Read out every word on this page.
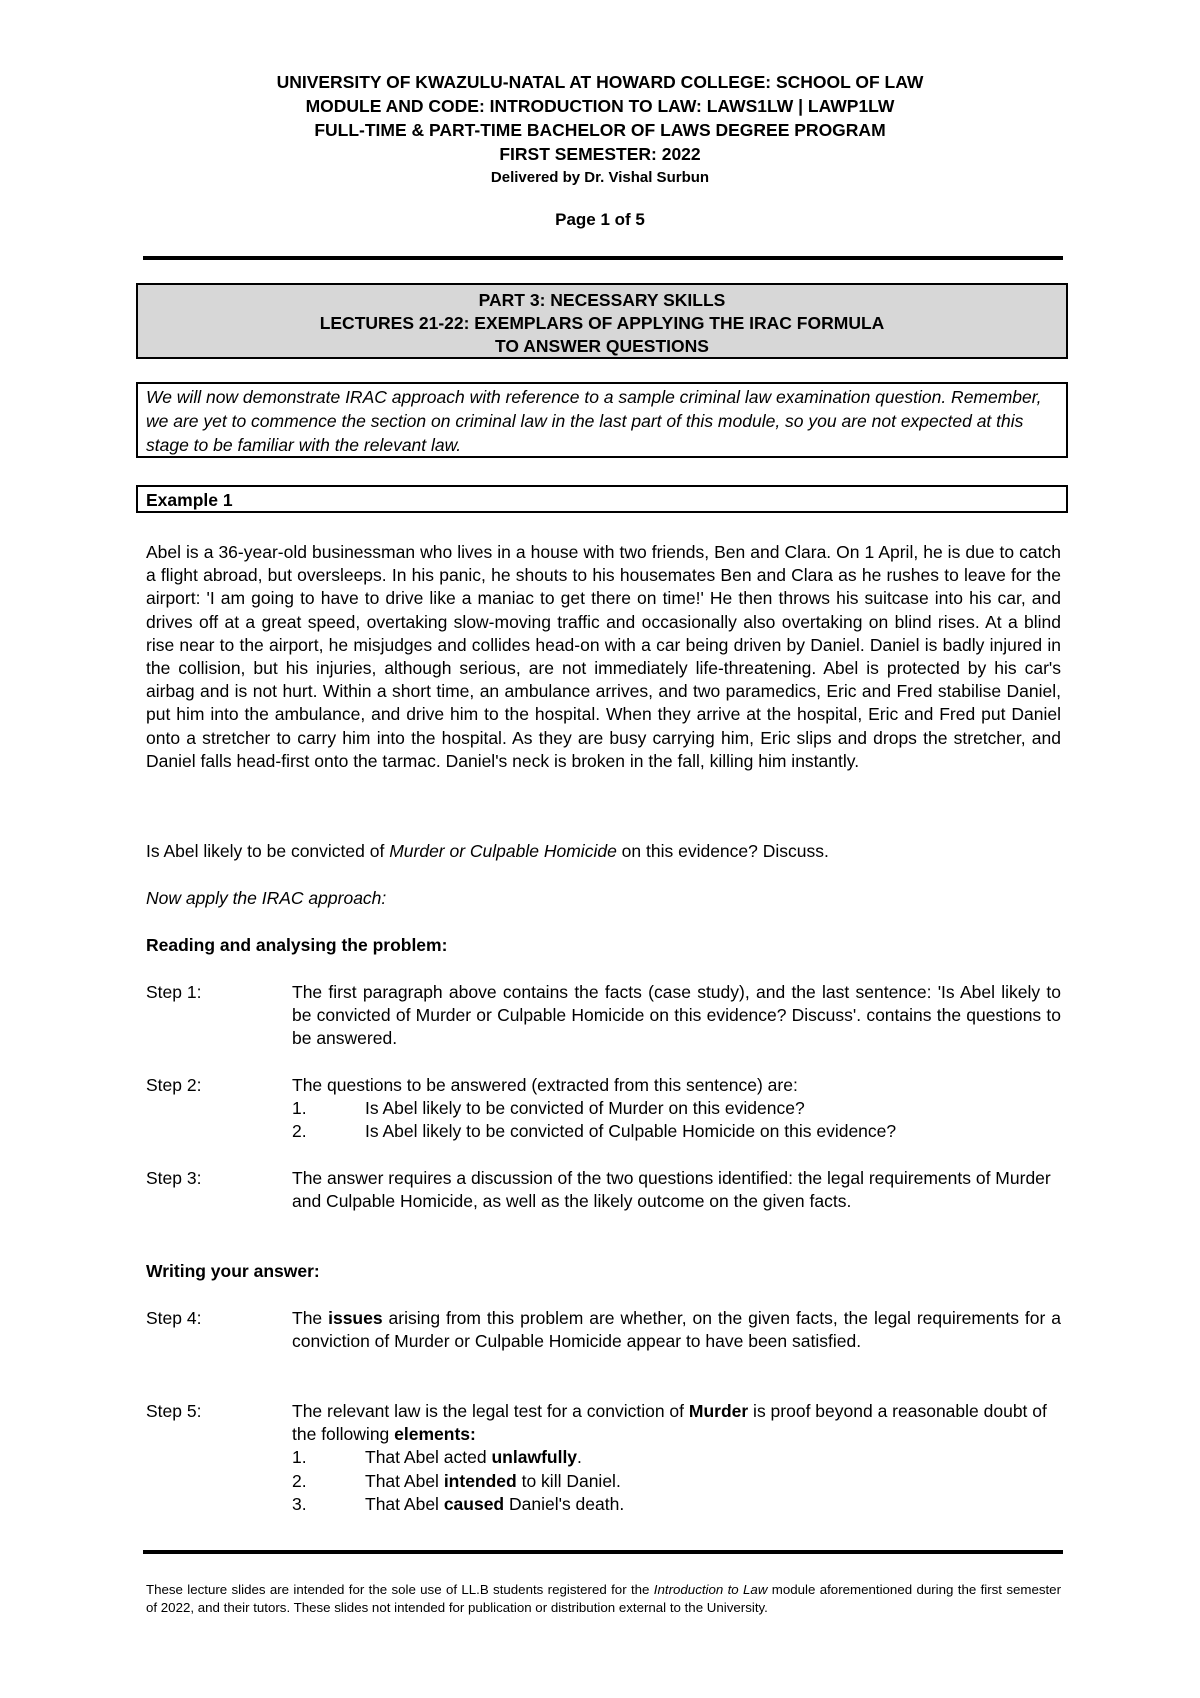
UNIVERSITY OF KWAZULU-NATAL AT HOWARD COLLEGE: SCHOOL OF LAW
MODULE AND CODE: INTRODUCTION TO LAW: LAWS1LW | LAWP1LW
FULL-TIME & PART-TIME BACHELOR OF LAWS DEGREE PROGRAM
FIRST SEMESTER: 2022
Delivered by Dr. Vishal Surbun
Page 1 of 5
PART 3: NECESSARY SKILLS
LECTURES 21-22: EXEMPLARS OF APPLYING THE IRAC FORMULA
TO ANSWER QUESTIONS
We will now demonstrate IRAC approach with reference to a sample criminal law examination question. Remember, we are yet to commence the section on criminal law in the last part of this module, so you are not expected at this stage to be familiar with the relevant law.
Example 1
Abel is a 36-year-old businessman who lives in a house with two friends, Ben and Clara. On 1 April, he is due to catch a flight abroad, but oversleeps. In his panic, he shouts to his housemates Ben and Clara as he rushes to leave for the airport: 'I am going to have to drive like a maniac to get there on time!' He then throws his suitcase into his car, and drives off at a great speed, overtaking slow-moving traffic and occasionally also overtaking on blind rises. At a blind rise near to the airport, he misjudges and collides head-on with a car being driven by Daniel. Daniel is badly injured in the collision, but his injuries, although serious, are not immediately life-threatening. Abel is protected by his car's airbag and is not hurt. Within a short time, an ambulance arrives, and two paramedics, Eric and Fred stabilise Daniel, put him into the ambulance, and drive him to the hospital. When they arrive at the hospital, Eric and Fred put Daniel onto a stretcher to carry him into the hospital. As they are busy carrying him, Eric slips and drops the stretcher, and Daniel falls head-first onto the tarmac. Daniel's neck is broken in the fall, killing him instantly.
Is Abel likely to be convicted of Murder or Culpable Homicide on this evidence? Discuss.
Now apply the IRAC approach:
Reading and analysing the problem:
Step 1:	The first paragraph above contains the facts (case study), and the last sentence: 'Is Abel likely to be convicted of Murder or Culpable Homicide on this evidence? Discuss'. contains the questions to be answered.
Step 2:	The questions to be answered (extracted from this sentence) are:
1.	Is Abel likely to be convicted of Murder on this evidence?
2.	Is Abel likely to be convicted of Culpable Homicide on this evidence?
Step 3:	The answer requires a discussion of the two questions identified: the legal requirements of Murder and Culpable Homicide, as well as the likely outcome on the given facts.
Writing your answer:
Step 4:	The issues arising from this problem are whether, on the given facts, the legal requirements for a conviction of Murder or Culpable Homicide appear to have been satisfied.
Step 5:	The relevant law is the legal test for a conviction of Murder is proof beyond a reasonable doubt of the following elements:
1.	That Abel acted unlawfully.
2.	That Abel intended to kill Daniel.
3.	That Abel caused Daniel's death.
These lecture slides are intended for the sole use of LL.B students registered for the Introduction to Law module aforementioned during the first semester of 2022, and their tutors. These slides not intended for publication or distribution external to the University.
